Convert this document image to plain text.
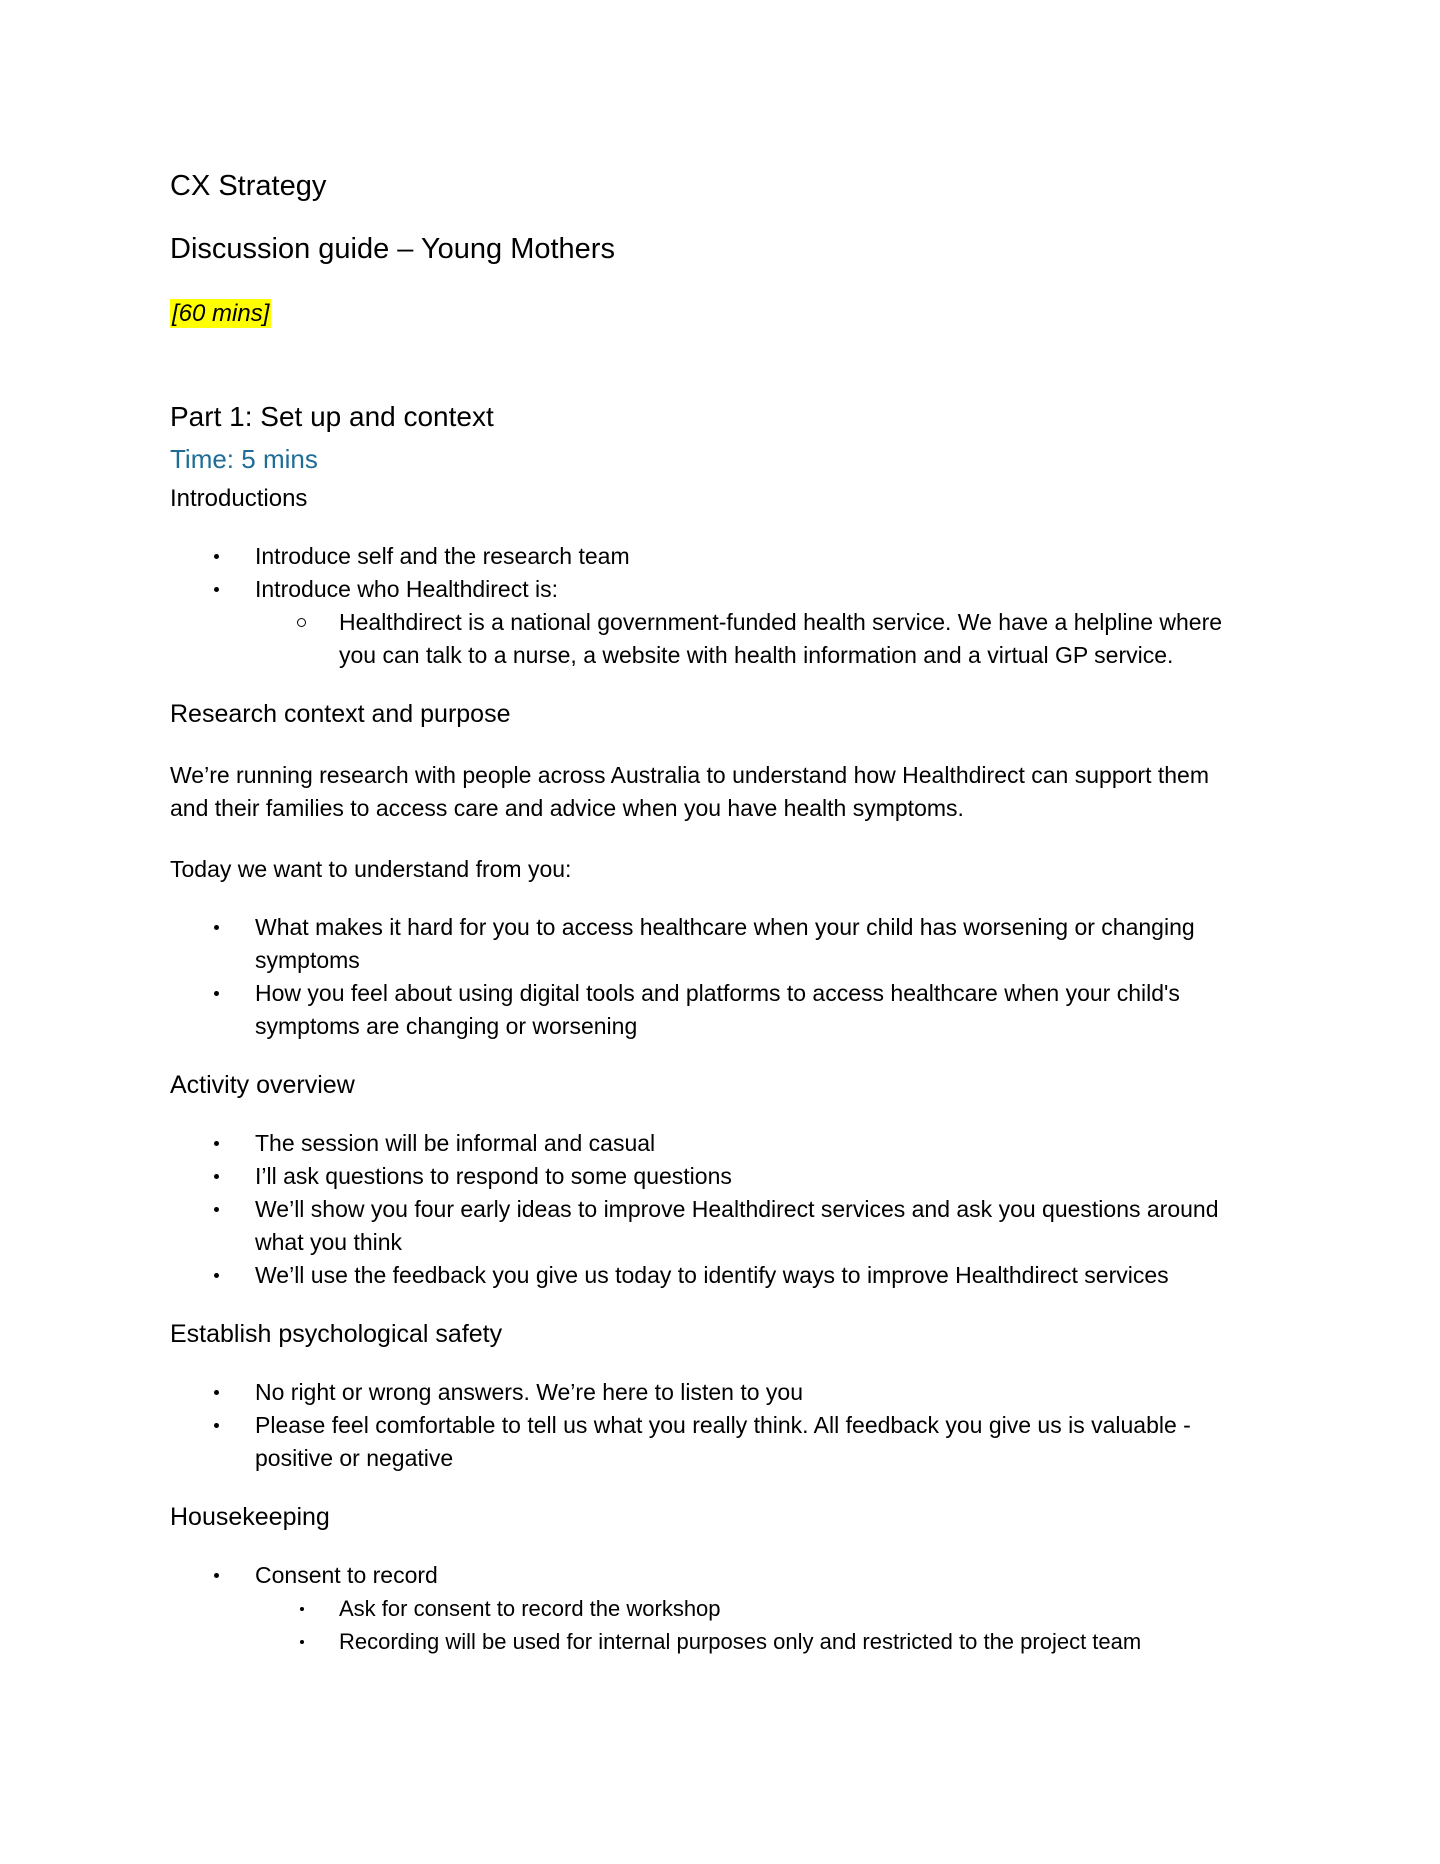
CX Strategy
Discussion guide – Young Mothers
[60 mins]
Part 1: Set up and context
Time: 5 mins
Introductions
Introduce self and the research team
Introduce who Healthdirect is:
Healthdirect is a national government-funded health service. We have a helpline where you can talk to a nurse, a website with health information and a virtual GP service.
Research context and purpose
We’re running research with people across Australia to understand how Healthdirect can support them and their families to access care and advice when you have health symptoms.
Today we want to understand from you:
What makes it hard for you to access healthcare when your child has worsening or changing symptoms
How you feel about using digital tools and platforms to access healthcare when your child's symptoms are changing or worsening
Activity overview
The session will be informal and casual
I’ll ask questions to respond to some questions
We’ll show you four early ideas to improve Healthdirect services and ask you questions around what you think
We’ll use the feedback you give us today to identify ways to improve Healthdirect services
Establish psychological safety
No right or wrong answers. We’re here to listen to you
Please feel comfortable to tell us what you really think. All feedback you give us is valuable - positive or negative
Housekeeping
Consent to record
Ask for consent to record the workshop
Recording will be used for internal purposes only and restricted to the project team
